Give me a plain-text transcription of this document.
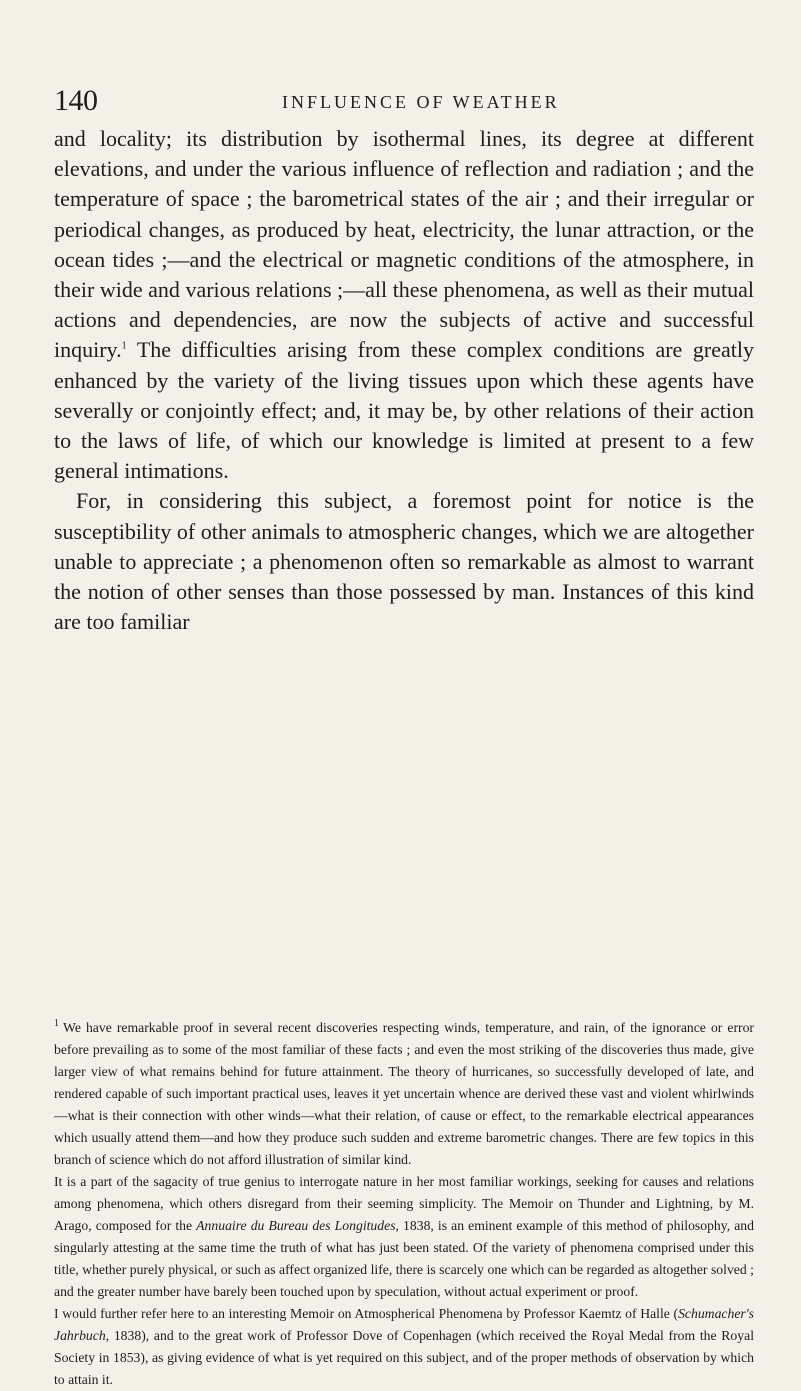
140	INFLUENCE OF WEATHER

and locality; its distribution by isothermal lines, its degree at different elevations, and under the various influence of reflection and radiation ; and the temperature of space ; the barometrical states of the air ; and their irregular or periodical changes, as produced by heat, electricity, the lunar attraction, or the ocean tides ;—and the electrical or magnetic conditions of the atmosphere, in their wide and various relations ;—all these phenomena, as well as their mutual actions and dependencies, are now the subjects of active and successful inquiry.$^1$ The difficulties arising from these complex conditions are greatly enhanced by the variety of the living tissues upon which these agents have severally or conjointly effect; and, it may be, by other relations of their action to the laws of life, of which our knowledge is limited at present to a few general intimations.

For, in considering this subject, a foremost point for notice is the susceptibility of other animals to atmospheric changes, which we are altogether unable to appreciate ; a phenomenon often so remarkable as almost to warrant the notion of other senses than those possessed by man. Instances of this kind are too familiar

$^1$ We have remarkable proof in several recent discoveries respecting winds, temperature, and rain, of the ignorance or error before prevailing as to some of the most familiar of these facts ; and even the most striking of the discoveries thus made, give larger view of what remains behind for future attainment. The theory of hurricanes, so successfully developed of late, and rendered capable of such important practical uses, leaves it yet uncertain whence are derived these vast and violent whirlwinds—what is their connection with other winds—what their relation, of cause or effect, to the remarkable electrical appearances which usually attend them—and how they produce such sudden and extreme barometric changes. There are few topics in this branch of science which do not afford illustration of similar kind.

It is a part of the sagacity of true genius to interrogate nature in her most familiar workings, seeking for causes and relations among phenomena, which others disregard from their seeming simplicity. The Memoir on Thunder and Lightning, by M. Arago, composed for the Annuaire du Bureau des Longitudes, 1838, is an eminent example of this method of philosophy, and singularly attesting at the same time the truth of what has just been stated. Of the variety of phenomena comprised under this title, whether purely physical, or such as affect organized life, there is scarcely one which can be regarded as altogether solved ; and the greater number have barely been touched upon by speculation, without actual experiment or proof.

I would further refer here to an interesting Memoir on Atmospherical Phenomena by Professor Kaemtz of Halle (Schumacher's Jahrbuch, 1838), and to the great work of Professor Dove of Copenhagen (which received the Royal Medal from the Royal Society in 1853), as giving evidence of what is yet required on this subject, and of the proper methods of observation by which to attain it.
